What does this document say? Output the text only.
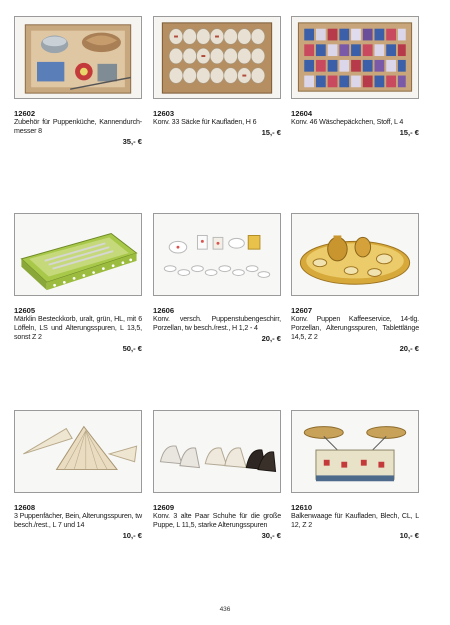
12602
Zubehör für Puppenküche, Kannendurch-messer 8
35,- €
12603
Konv. 33 Säcke für Kaufladen, H 6
15,- €
12604
Konv. 46 Wäschepäckchen, Stoff, L 4
15,- €
12605
Märklin Besteckkorb, uralt, grün, HL, mit 6 Löffeln, LS und Alterungsspuren, L 13,5, sonst Z 2
50,- €
12606
Konv. versch. Puppenstubengeschirr, Porzellan, tw besch./rest., H 1,2 - 4
20,- €
12607
Konv. Puppen Kaffeeservice, 14-tlg. Porzellan, Alterungsspuren, Tablettlänge 14,5, Z 2
20,- €
12608
3 Puppenfächer, Bein, Alterungsspuren, tw besch./rest., L 7 und 14
10,- €
12609
Konv. 3 alte Paar Schuhe für die große Puppe, L 11,5, starke Alterungsspuren
30,- €
12610
Balkenwaage für Kaufladen, Blech, CL, L 12, Z 2
10,- €
436
